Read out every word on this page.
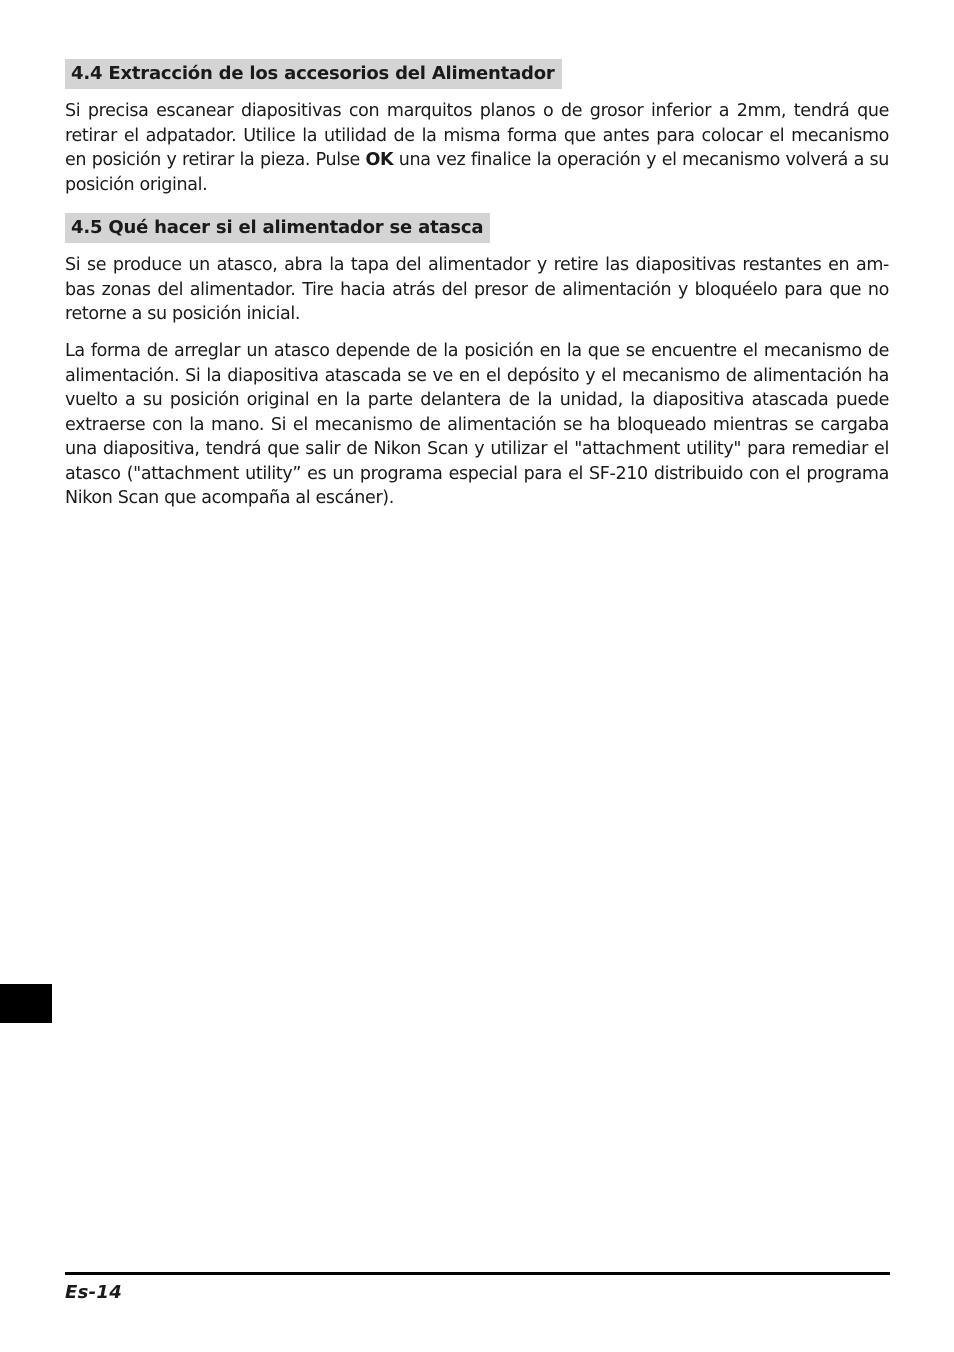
4.4 Extracción de los accesorios del Alimentador

Si precisa escanear diapositivas con marquitos planos o de grosor inferior a 2mm, tendrá que retirar el adpatador. Utilice la utilidad de la misma forma que antes para colocar el mecanismo en posición y retirar la pieza. Pulse OK una vez finalice la operación y el mecanismo volverá a su posición original.

4.5 Qué hacer si el alimentador se atasca

Si se produce un atasco, abra la tapa del alimentador y retire las diapositivas restantes en am-bas zonas del alimentador. Tire hacia atrás del presor de alimentación y bloquéelo para que no retorne a su posición inicial.

La forma de arreglar un atasco depende de la posición en la que se encuentre el mecanismo de alimentación. Si la diapositiva atascada se ve en el depósito y el mecanismo de alimentación ha vuelto a su posición original en la parte delantera de la unidad, la diapositiva atascada puede extraerse con la mano. Si el mecanismo de alimentación se ha bloqueado mientras se cargaba una diapositiva, tendrá que salir de Nikon Scan y utilizar el "attachment utility" para remediar el atasco ("attachment utility” es un programa especial para el SF-210 distribuido con el programa Nikon Scan que acompaña al escáner).

Es-14
